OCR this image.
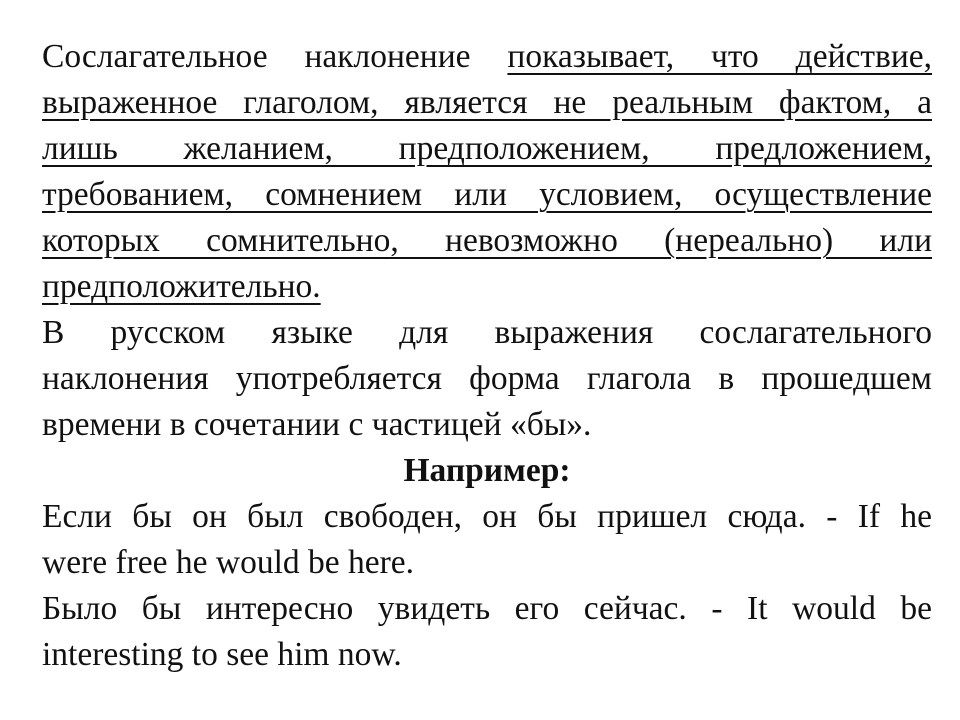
Сослагательное наклонение показывает, что действие,
выраженное глаголом, является не реальным фактом, а
лишь желанием, предположением, предложением,
требованием, сомнением или условием, осуществление
которых сомнительно, невозможно (нереально) или
предположительно.
В русском языке для выражения сослагательного
наклонения употребляется форма глагола в прошедшем
времени в сочетании с частицей «бы».
Например:
Если бы он был свободен, он бы пришел сюда. - If he
were free he would be here.
Было бы интересно увидеть его сейчас. - It would be
interesting to see him now.
